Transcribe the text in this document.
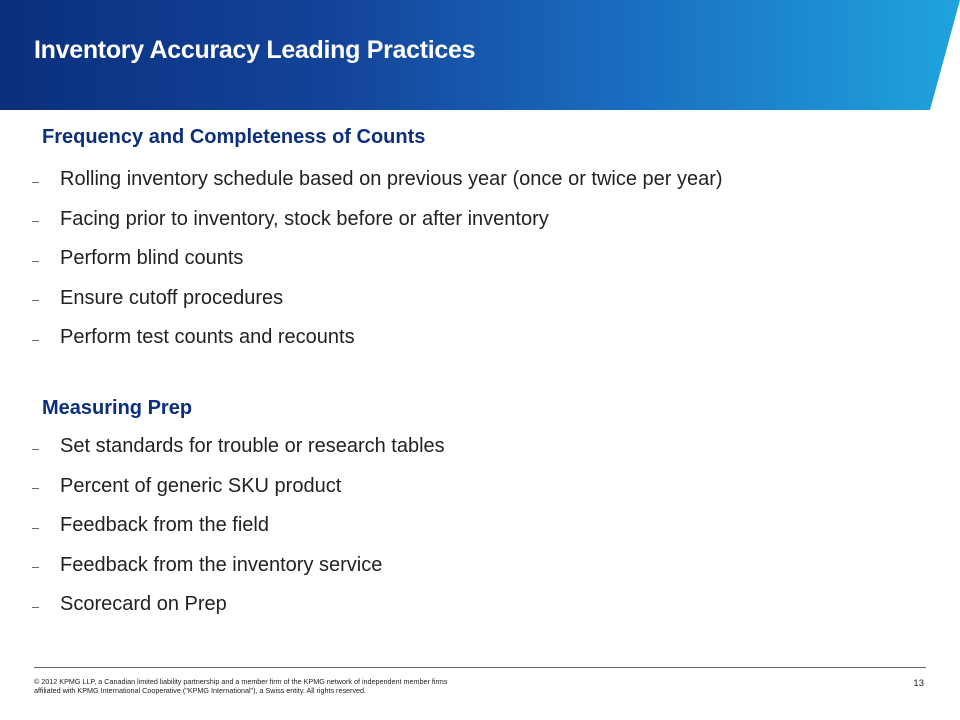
Inventory Accuracy Leading Practices
Frequency and Completeness of Counts
Rolling inventory schedule based on previous year (once or twice per year)
Facing prior to inventory, stock before or after inventory
Perform blind counts
Ensure cutoff procedures
Perform test counts and recounts
Measuring Prep
Set standards for trouble or research tables
Percent of generic SKU product
Feedback from the field
Feedback from the inventory service
Scorecard on Prep
© 2012 KPMG LLP, a Canadian limited liability partnership and a member firm of the KPMG network of independent member firms
affiliated with KPMG International Cooperative ("KPMG International"), a Swiss entity. All rights reserved.
13
